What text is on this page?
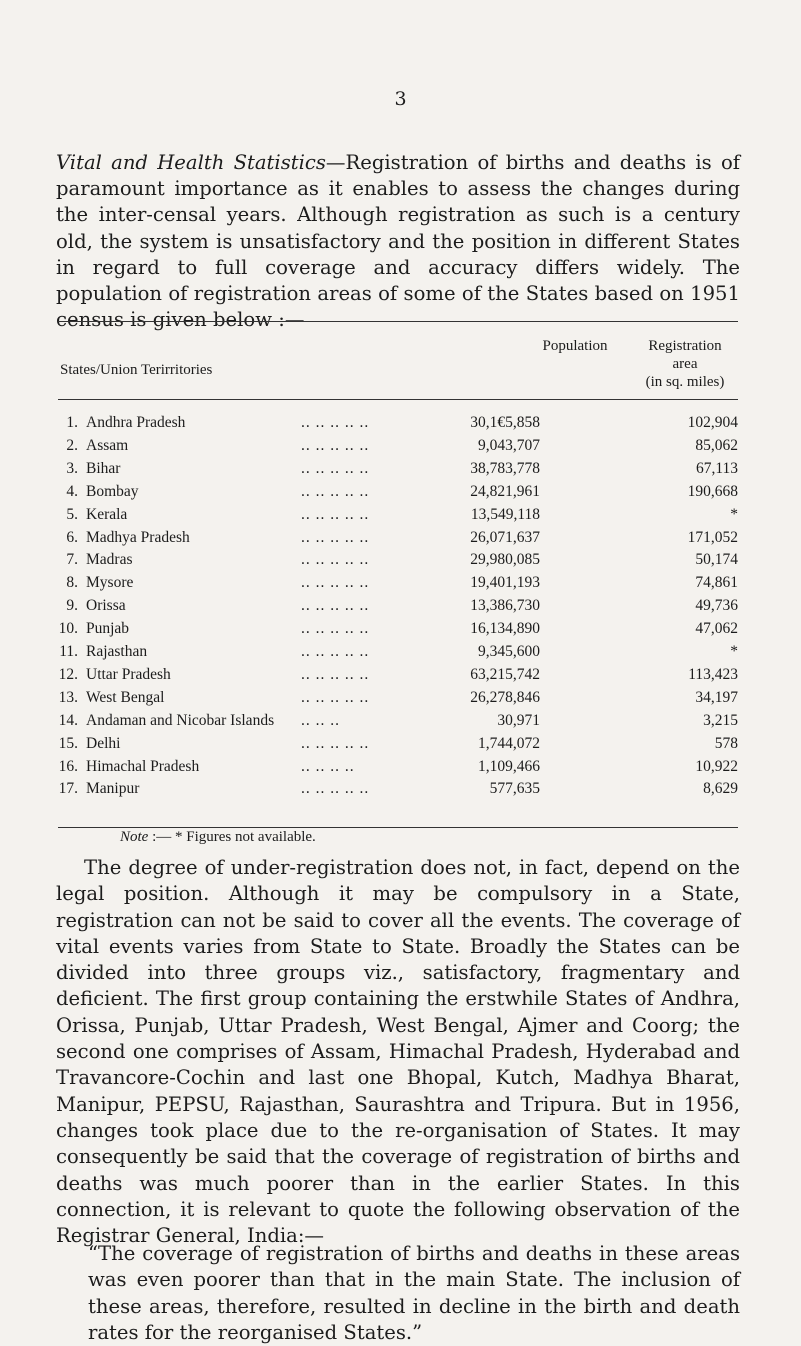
3
Vital and Health Statistics—Registration of births and deaths is of paramount importance as it enables to assess the changes during the inter-censal years. Although registration as such is a century old, the system is unsatisfactory and the position in different States in regard to full coverage and accuracy differs widely. The population of registration areas of some of the States based on 1951 census is given below :—
States/Union Terirritories
Population	Registration
area
(in sq. miles)
1. Andhra Pradesh	.. .. .. .. ..	30,1€5,858	102,904
2. Assam	.. .. .. .. ..	9,043,707	85,062
3. Bihar	.. .. .. .. ..	38,783,778	67,113
4. Bombay	.. .. .. .. ..	24,821,961	190,668
5. Kerala	.. .. .. .. ..	13,549,118	*
6. Madhya Pradesh	.. .. .. .. ..	26,071,637	171,052
7. Madras	.. .. .. .. ..	29,980,085	50,174
8. Mysore	.. .. .. .. ..	19,401,193	74,861
9. Orissa	.. .. .. .. ..	13,386,730	49,736
10. Punjab	.. .. .. .. ..	16,134,890	47,062
11. Rajasthan	.. .. .. .. ..	9,345,600	*
12. Uttar Pradesh	.. .. .. .. ..	63,215,742	113,423
13. West Bengal	.. .. .. .. ..	26,278,846	34,197
14. Andaman and Nicobar Islands .. .. ..	30,971	3,215
15. Delhi	.. .. .. .. ..	1,744,072	578
16. Himachal Pradesh	.. .. .. ..	1,109,466	10,922
17. Manipur	.. .. .. .. ..	577,635	8,629
Note :— * Figures not available.
The degree of under-registration does not, in fact, depend on the legal position. Although it may be compulsory in a State, registration can not be said to cover all the events. The coverage of vital events varies from State to State. Broadly the States can be divided into three groups viz., satisfactory, fragmentary and deficient. The first group containing the erstwhile States of Andhra, Orissa, Punjab, Uttar Pradesh, West Bengal, Ajmer and Coorg; the second one comprises of Assam, Himachal Pradesh, Hyderabad and Travancore-Cochin and last one Bhopal, Kutch, Madhya Bharat, Manipur, PEPSU, Rajasthan, Saurashtra and Tripura. But in 1956, changes took place due to the re-organisation of States. It may consequently be said that the coverage of registration of births and deaths was much poorer than in the earlier States. In this connection, it is relevant to quote the following observation of the Registrar General, India:—
“The coverage of registration of births and deaths in these areas was even poorer than that in the main State. The inclusion of these areas, therefore, resulted in decline in the birth and death rates for the reorganised States.”
